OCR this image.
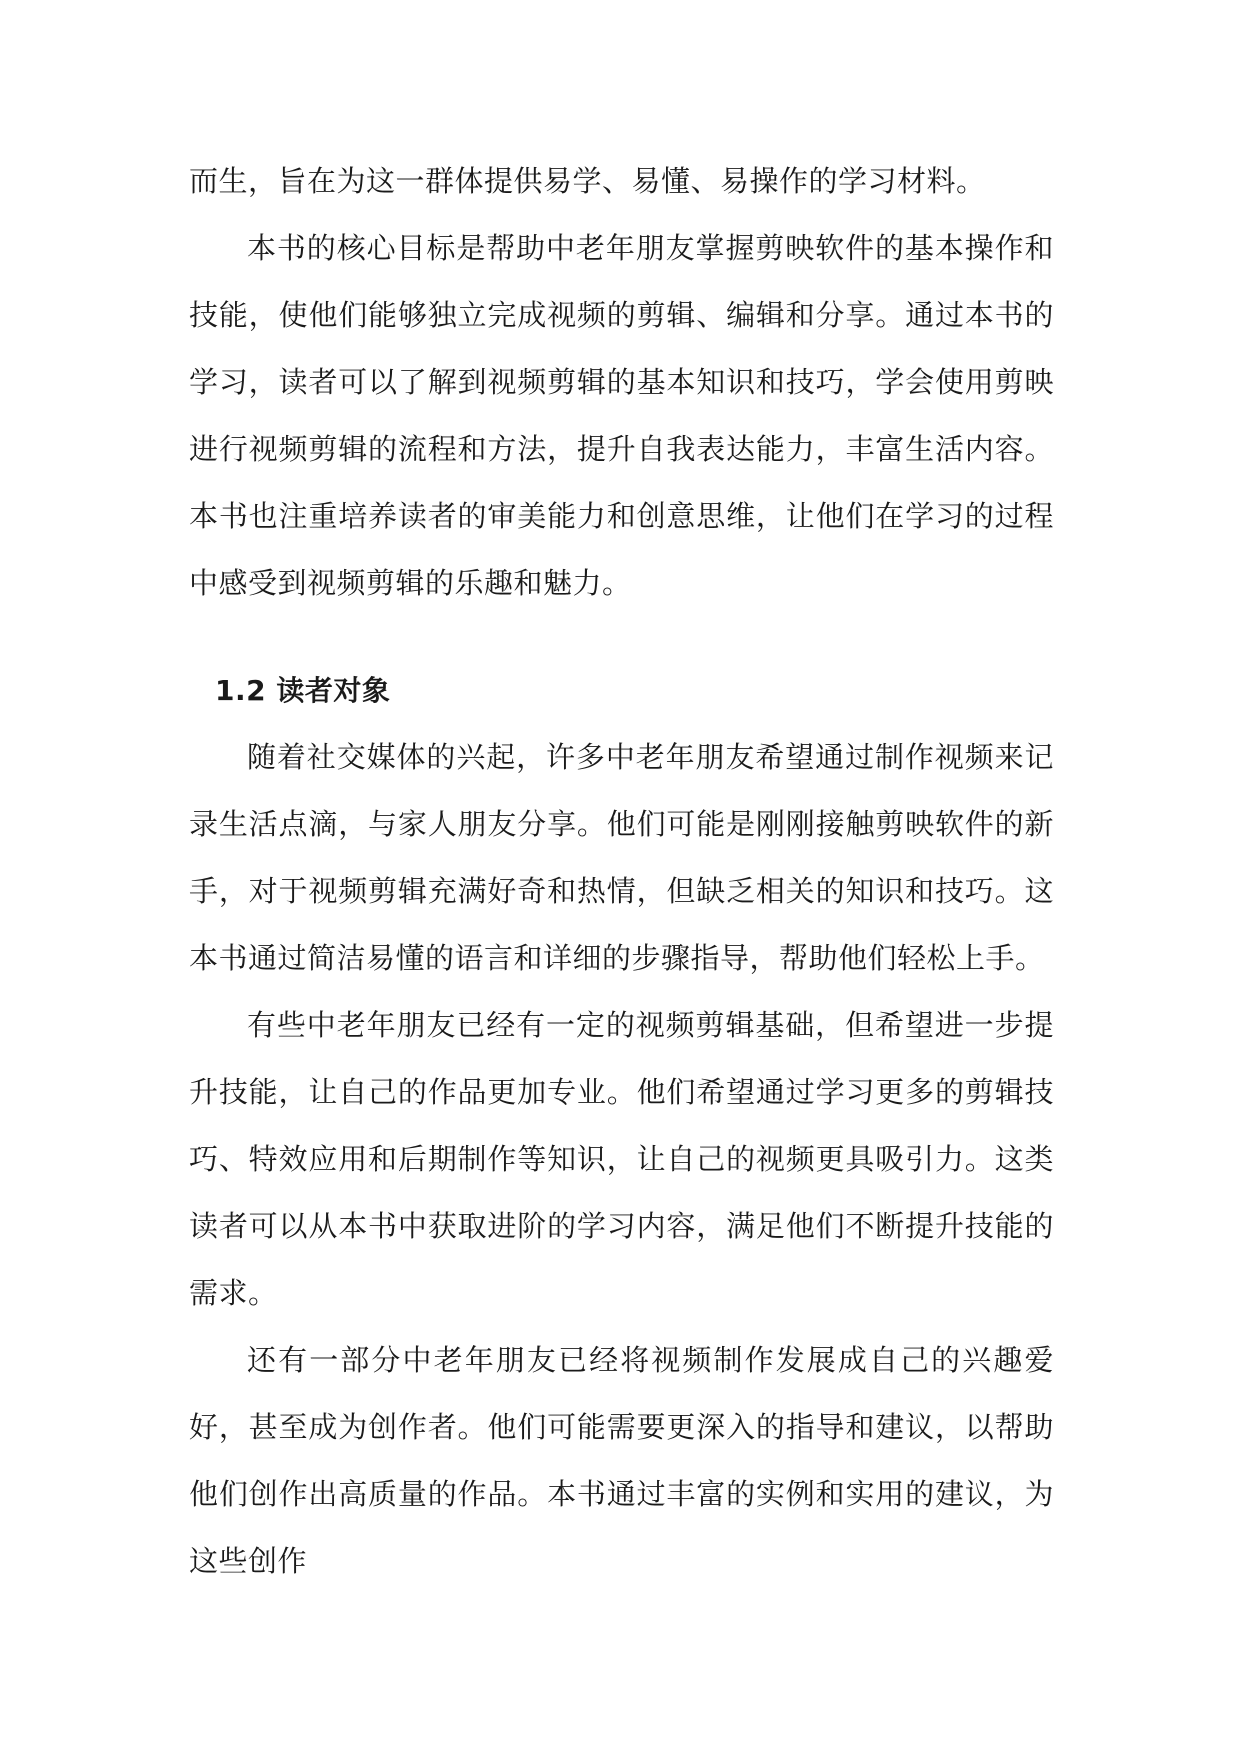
而生，旨在为这一群体提供易学、易懂、易操作的学习材料。

本书的核心目标是帮助中老年朋友掌握剪映软件的基本操作和技能，使他们能够独立完成视频的剪辑、编辑和分享。通过本书的学习，读者可以了解到视频剪辑的基本知识和技巧，学会使用剪映进行视频剪辑的流程和方法，提升自我表达能力，丰富生活内容。本书也注重培养读者的审美能力和创意思维，让他们在学习的过程中感受到视频剪辑的乐趣和魅力。

1.2 读者对象

随着社交媒体的兴起，许多中老年朋友希望通过制作视频来记录生活点滴，与家人朋友分享。他们可能是刚刚接触剪映软件的新手，对于视频剪辑充满好奇和热情，但缺乏相关的知识和技巧。这本书通过简洁易懂的语言和详细的步骤指导，帮助他们轻松上手。

有些中老年朋友已经有一定的视频剪辑基础，但希望进一步提升技能，让自己的作品更加专业。他们希望通过学习更多的剪辑技巧、特效应用和后期制作等知识，让自己的视频更具吸引力。这类读者可以从本书中获取进阶的学习内容，满足他们不断提升技能的需求。

还有一部分中老年朋友已经将视频制作发展成自己的兴趣爱好，甚至成为创作者。他们可能需要更深入的指导和建议，以帮助他们创作出高质量的作品。本书通过丰富的实例和实用的建议，为这些创作
